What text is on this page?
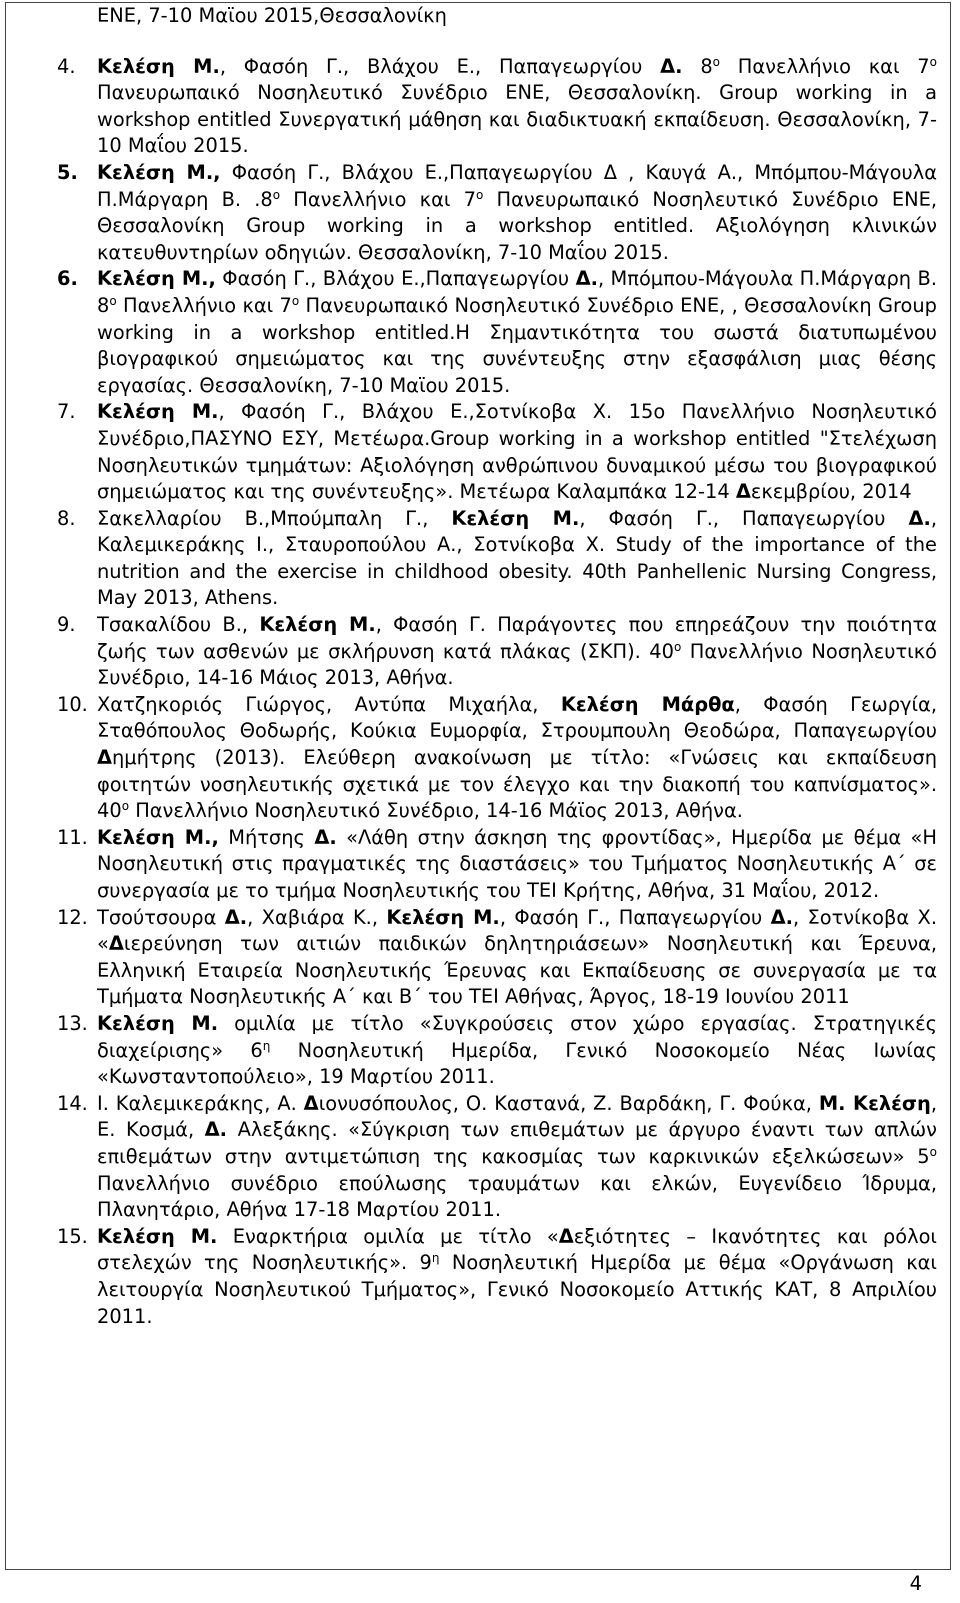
ΕΝΕ, 7-10 Μαϊου 2015,Θεσσαλονίκη
4. Κελέση Μ., Φασόη Γ., Βλάχου Ε., Παπαγεωργίου Δ. $8^o$ Πανελλήνιο και $7^o$ Πανευρωπαικό Νοσηλευτικό Συνέδριο ΕΝΕ, Θεσσαλονίκη. Group working in a workshop entitled Συνεργατική μάθηση και διαδικτυακή εκπαίδευση. Θεσσαλονίκη, 7-10 Μαΐου 2015.
5. Κελέση Μ., Φασόη Γ., Βλάχου Ε.,Παπαγεωργίου Δ , Καυγά Α., Μπόμπου-Μάγουλα Π.Μάργαρη Β. $.8^o$ Πανελλήνιο και $7^o$ Πανευρωπαικό Νοσηλευτικό Συνέδριο ΕΝΕ, Θεσσαλονίκη Group working in a workshop entitled. Αξιολόγηση κλινικών κατευθυντηρίων οδηγιών. Θεσσαλονίκη, 7-10 Μαΐου 2015.
6. Κελέση Μ., Φασόη Γ., Βλάχου Ε.,Παπαγεωργίου Δ., Μπόμπου-Μάγουλα Π.Μάργαρη Β. $8^o$ Πανελλήνιο και $7^o$ Πανευρωπαικό Νοσηλευτικό Συνέδριο ΕΝΕ, , Θεσσαλονίκη Group working in a workshop entitled.Η Σημαντικότητα του σωστά διατυπωμένου βιογραφικού σημειώματος και της συνέντευξης στην εξασφάλιση μιας θέσης εργασίας. Θεσσαλονίκη, 7-10 Μαϊου 2015.
7. Κελέση Μ., Φασόη Γ., Βλάχου Ε.,Σοτνίκοβα Χ. 15ο Πανελλήνιο Νοσηλευτικό Συνέδριο,ΠΑΣΥΝΟ ΕΣΥ, Μετέωρα.Group working in a workshop entitled "Στελέχωση Νοσηλευτικών τμημάτων: Αξιολόγηση ανθρώπινου δυναμικού μέσω του βιογραφικού σημειώματος και της συνέντευξης». Μετέωρα Καλαμπάκα 12-14 Δεκεμβρίου, 2014
8. Σακελλαρίου Β.,Μπούμπαλη Γ., Κελέση Μ., Φασόη Γ., Παπαγεωργίου Δ., Καλεμικεράκης Ι., Σταυροπούλου Α., Σοτνίκοβα Χ. Study of the importance of the nutrition and the exercise in childhood obesity. 40th Panhellenic Nursing Congress, May 2013, Athens.
9. Τσακαλίδου Β., Κελέση Μ., Φασόη Γ. Παράγοντες που επηρεάζουν την ποιότητα ζωής των ασθενών με σκλήρυνση κατά πλάκας (ΣΚΠ). $40^o$ Πανελλήνιο Νοσηλευτικό Συνέδριο, 14-16 Μάιος 2013, Αθήνα.
10. Χατζηκοριός Γιώργος, Αντύπα Μιχαήλα, Κελέση Μάρθα, Φασόη Γεωργία, Σταθόπουλος Θοδωρής, Κούκια Ευμορφία, Στρουμπουλη Θεοδώρα, Παπαγεωργίου Δημήτρης (2013). Ελεύθερη ανακοίνωση με τίτλο: «Γνώσεις και εκπαίδευση φοιτητών νοσηλευτικής σχετικά με τον έλεγχο και την διακοπή του καπνίσματος». $40^o$ Πανελλήνιο Νοσηλευτικό Συνέδριο, 14-16 Μάϊος 2013, Αθήνα.
11. Κελέση Μ., Μήτσης Δ. «Λάθη στην άσκηση της φροντίδας», Ημερίδα με θέμα «Η Νοσηλευτική στις πραγματικές της διαστάσεις» του Τμήματος Νοσηλευτικής Α΄ σε συνεργασία με το τμήμα Νοσηλευτικής του ΤΕΙ Κρήτης, Αθήνα, 31 Μαΐου, 2012.
12. Τσούτσουρα Δ., Χαβιάρα Κ., Κελέση Μ., Φασόη Γ., Παπαγεωργίου Δ., Σοτνίκοβα Χ. «Διερεύνηση των αιτιών παιδικών δηλητηριάσεων» Νοσηλευτική και Έρευνα, Ελληνική Εταιρεία Νοσηλευτικής Έρευνας και Εκπαίδευσης σε συνεργασία με τα Τμήματα Νοσηλευτικής Α΄ και Β΄ του ΤΕΙ Αθήνας, Άργος, 18-19 Ιουνίου 2011
13. Κελέση Μ. ομιλία με τίτλο «Συγκρούσεις στον χώρο εργασίας. Στρατηγικές διαχείρισης» $6^\eta$ Νοσηλευτική Ημερίδα, Γενικό Νοσοκομείο Νέας Ιωνίας «Κωνσταντοπούλειο», 19 Μαρτίου 2011.
14. Ι. Καλεμικεράκης, Α. Διονυσόπουλος, Ο. Καστανά, Ζ. Βαρδάκη, Γ. Φούκα, Μ. Κελέση, Ε. Κοσμά, Δ. Αλεξάκης. «Σύγκριση των επιθεμάτων με άργυρο έναντι των απλών επιθεμάτων στην αντιμετώπιση της κακοσμίας των καρκινικών εξελκώσεων» $5^o$ Πανελλήνιο συνέδριο επούλωσης τραυμάτων και ελκών, Ευγενίδειο Ίδρυμα, Πλανητάριο, Αθήνα 17-18 Μαρτίου 2011.
15. Κελέση Μ. Εναρκτήρια ομιλία με τίτλο «Δεξιότητες – Ικανότητες και ρόλοι στελεχών της Νοσηλευτικής». $9^\eta$ Νοσηλευτική Ημερίδα με θέμα «Οργάνωση και λειτουργία Νοσηλευτικού Τμήματος», Γενικό Νοσοκομείο Αττικής ΚΑΤ, 8 Απριλίου 2011.
4
